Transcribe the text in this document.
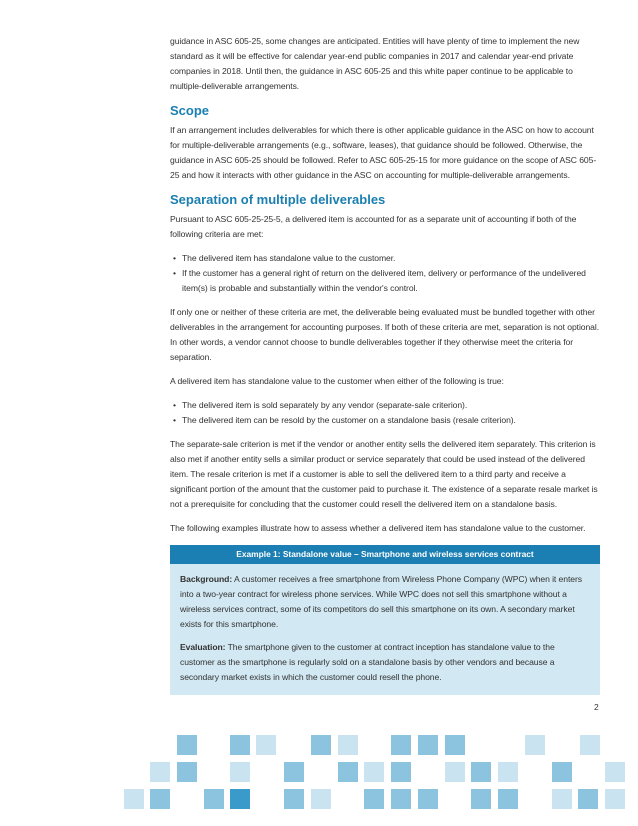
guidance in ASC 605-25, some changes are anticipated. Entities will have plenty of time to implement the new standard as it will be effective for calendar year-end public companies in 2017 and calendar year-end private companies in 2018. Until then, the guidance in ASC 605-25 and this white paper continue to be applicable to multiple-deliverable arrangements.

Scope

If an arrangement includes deliverables for which there is other applicable guidance in the ASC on how to account for multiple-deliverable arrangements (e.g., software, leases), that guidance should be followed. Otherwise, the guidance in ASC 605-25 should be followed. Refer to ASC 605-25-15 for more guidance on the scope of ASC 605-25 and how it interacts with other guidance in the ASC on accounting for multiple-deliverable arrangements.

Separation of multiple deliverables

Pursuant to ASC 605-25-25-5, a delivered item is accounted for as a separate unit of accounting if both of the following criteria are met:

• The delivered item has standalone value to the customer.
• If the customer has a general right of return on the delivered item, delivery or performance of the undelivered item(s) is probable and substantially within the vendor's control.

If only one or neither of these criteria are met, the deliverable being evaluated must be bundled together with other deliverables in the arrangement for accounting purposes. If both of these criteria are met, separation is not optional. In other words, a vendor cannot choose to bundle deliverables together if they otherwise meet the criteria for separation.

A delivered item has standalone value to the customer when either of the following is true:

• The delivered item is sold separately by any vendor (separate-sale criterion).
• The delivered item can be resold by the customer on a standalone basis (resale criterion).

The separate-sale criterion is met if the vendor or another entity sells the delivered item separately. This criterion is also met if another entity sells a similar product or service separately that could be used instead of the delivered item. The resale criterion is met if a customer is able to sell the delivered item to a third party and receive a significant portion of the amount that the customer paid to purchase it. The existence of a separate resale market is not a prerequisite for concluding that the customer could resell the delivered item on a standalone basis.

The following examples illustrate how to assess whether a delivered item has standalone value to the customer.

Example 1: Standalone value – Smartphone and wireless services contract

Background: A customer receives a free smartphone from Wireless Phone Company (WPC) when it enters into a two-year contract for wireless phone services. While WPC does not sell this smartphone without a wireless services contract, some of its competitors do sell this smartphone on its own. A secondary market exists for this smartphone.

Evaluation: The smartphone given to the customer at contract inception has standalone value to the customer as the smartphone is regularly sold on a standalone basis by other vendors and because a secondary market exists in which the customer could resell the phone.

2
